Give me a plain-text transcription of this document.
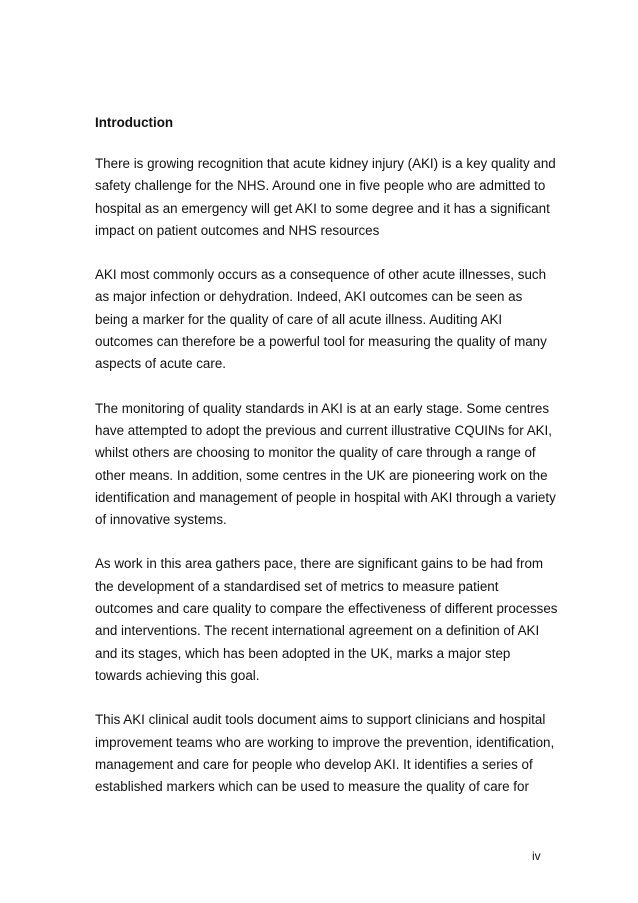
Introduction
There is growing recognition that acute kidney injury (AKI) is a key quality and
safety challenge for the NHS. Around one in five people who are admitted to
hospital as an emergency will get AKI to some degree and it has a significant
impact on patient outcomes and NHS resources
AKI most commonly occurs as a consequence of other acute illnesses, such
as major infection or dehydration. Indeed, AKI outcomes can be seen as
being a marker for the quality of care of all acute illness. Auditing AKI
outcomes can therefore be a powerful tool for measuring the quality of many
aspects of acute care.
The monitoring of quality standards in AKI is at an early stage. Some centres
have attempted to adopt the previous and current illustrative CQUINs for AKI,
whilst others are choosing to monitor the quality of care through a range of
other means. In addition, some centres in the UK are pioneering work on the
identification and management of people in hospital with AKI through a variety
of innovative systems.
As work in this area gathers pace, there are significant gains to be had from
the development of a standardised set of metrics to measure patient
outcomes and care quality to compare the effectiveness of different processes
and interventions. The recent international agreement on a definition of AKI
and its stages, which has been adopted in the UK, marks a major step
towards achieving this goal.
This AKI clinical audit tools document aims to support clinicians and hospital
improvement teams who are working to improve the prevention, identification,
management and care for people who develop AKI. It identifies a series of
established markers which can be used to measure the quality of care for
iv
